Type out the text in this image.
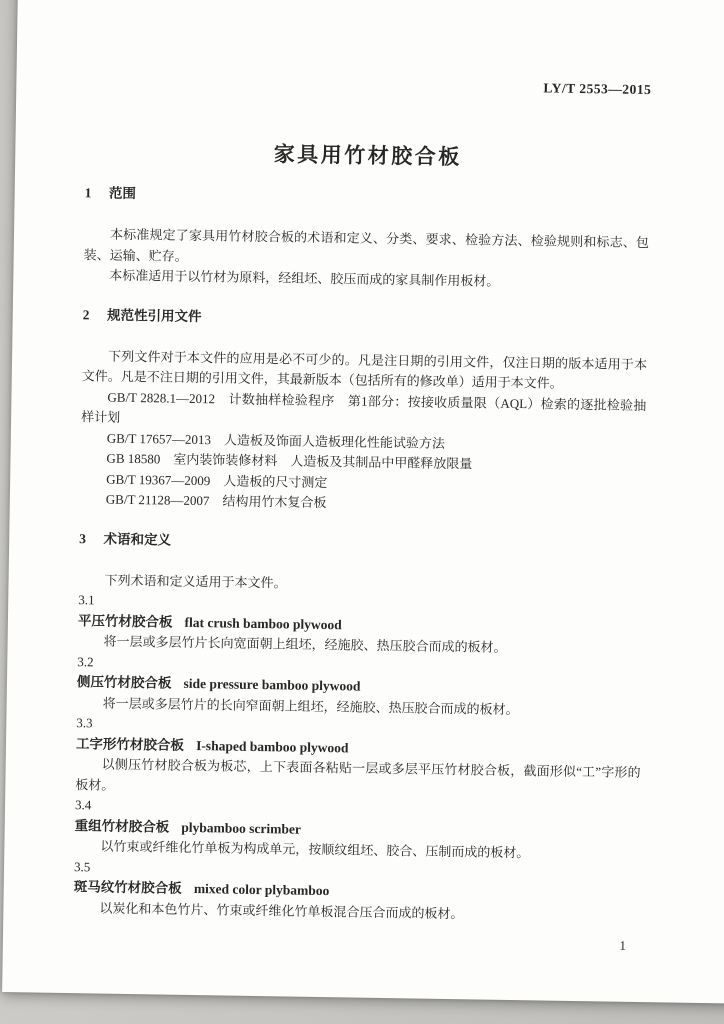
LY/T 2553—2015
家具用竹材胶合板
1 范围

本标准规定了家具用竹材胶合板的术语和定义、分类、要求、检验方法、检验规则和标志、包装、运输、贮存。

本标准适用于以竹材为原料，经组坯、胶压而成的家具制作用板材。

2 规范性引用文件

下列文件对于本文件的应用是必不可少的。凡是注日期的引用文件，仅注日期的版本适用于本文件。凡是不注日期的引用文件，其最新版本（包括所有的修改单）适用于本文件。

GB/T 2828.1—2012　计数抽样检验程序　第1部分：按接收质量限（AQL）检索的逐批检验抽样计划

GB/T 17657—2013　人造板及饰面人造板理化性能试验方法

GB 18580　室内装饰装修材料　人造板及其制品中甲醛释放限量

GB/T 19367—2009　人造板的尺寸测定

GB/T 21128—2007　结构用竹木复合板

3 术语和定义

下列术语和定义适用于本文件。

3.1
平压竹材胶合板 flat crush bamboo plywood

将一层或多层竹片长向宽面朝上组坯，经施胶、热压胶合而成的板材。

3.2
侧压竹材胶合板 side pressure bamboo plywood

将一层或多层竹片的长向窄面朝上组坯，经施胶、热压胶合而成的板材。

3.3
工字形竹材胶合板 I-shaped bamboo plywood

以侧压竹材胶合板为板芯，上下表面各粘贴一层或多层平压竹材胶合板，截面形似“工”字形的板材。

3.4
重组竹材胶合板 plybamboo scrimber

以竹束或纤维化竹单板为构成单元，按顺纹组坯、胶合、压制而成的板材。

3.5
斑马纹竹材胶合板 mixed color plybamboo

以炭化和本色竹片、竹束或纤维化竹单板混合压合而成的板材。

1
